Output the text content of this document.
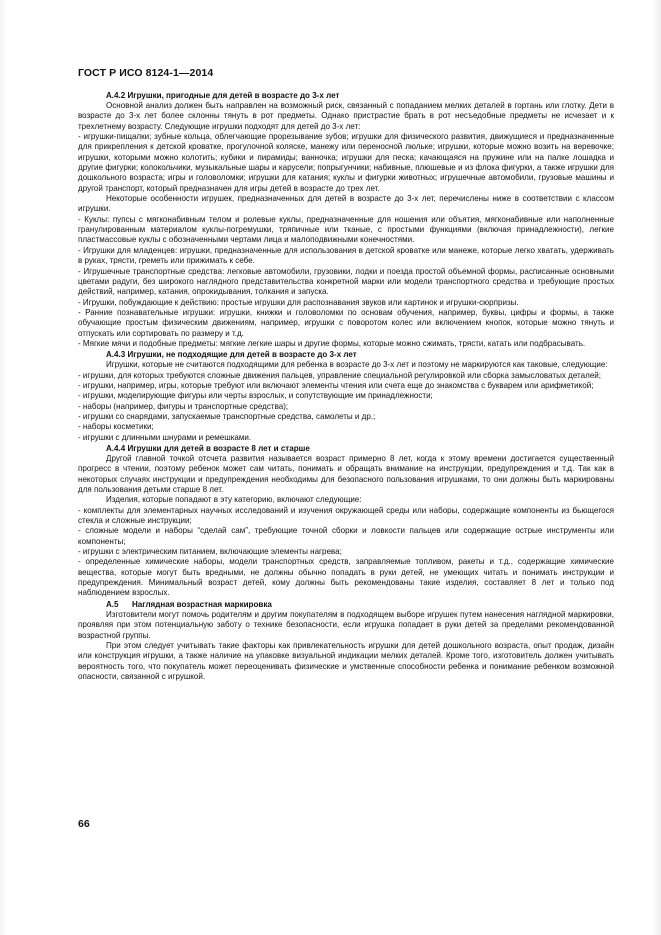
ГОСТ Р ИСО 8124-1—2014
А.4.2 Игрушки, пригодные для детей в возрасте до 3-х лет

Основной анализ должен быть направлен на возможный риск, связанный с попаданием мелких деталей в гортань или глотку. Дети в возрасте до 3-х лет более склонны тянуть в рот предметы. Однако пристрастие брать в рот несъедобные предметы не исчезает и к трехлетнему возрасту. Следующие игрушки подходят для детей до 3-х лет:

- игрушки-пищалки; зубные кольца, облегчающие прорезывание зубов; игрушки для физического развития, движущиеся и предназначенные для прикрепления к детской кроватке, прогулочной коляске, манежу или переносной люльке; игрушки, которые можно возить на веревочке; игрушки, которыми можно колотить; кубики и пирамиды; ванночка; игрушки для песка; качающаяся на пружине или на палке лошадка и другие фигурки; колокольчики, музыкальные шары и карусели; попрыгунчики; набивные, плюшевые и из флока фигурки, а также игрушки для дошкольного возраста; игры и головоломки; игрушки для катания; куклы и фигурки животных; игрушечные автомобили, грузовые машины и другой транспорт, который предназначен для игры детей в возрасте до трех лет.

Некоторые особенности игрушек, предназначенных для детей в возрасте до 3-х лет, перечислены ниже в соответствии с классом игрушки.

- Куклы: пупсы с мягконабивным телом и ролевые куклы, предназначенные для ношения или объятия, мягконабивные или наполненные гранулированным материалом куклы-погремушки, тряпичные или тканые, с простыми функциями (включая принадлежности), легкие пластмассовые куклы с обозначенными чертами лица и малоподвижными конечностями.

- Игрушки для младенцев: игрушки, предназначенные для использования в детской кроватке или манеже, которые легко хватать, удерживать в руках, трясти, греметь или прижимать к себе.

- Игрушечные транспортные средства: легковые автомобили, грузовики, лодки и поезда простой объемной формы, расписанные основными цветами радуги, без широкого наглядного представительства конкретной марки или модели транспортного средства и требующие простых действий, например, катания, опрокидывания, толкания и запуска.

- Игрушки, побуждающие к действию: простые игрушки для распознавания звуков или картинок и игрушки-сюрпризы.

- Ранние познавательные игрушки: игрушки, книжки и головоломки по основам обучения, например, буквы, цифры и формы, а также обучающие простым физическим движениям, например, игрушки с поворотом колес или включением кнопок, которые можно тянуть и отпускать или сортировать по размеру и т.д.

- Мягкие мячи и подобные предметы: мягкие легкие шары и другие формы, которые можно сжимать, трясти, катать или подбрасывать.

А.4.3 Игрушки, не подходящие для детей в возрасте до 3-х лет

Игрушки, которые не считаются подходящими для ребенка в возрасте до 3-х лет и поэтому не маркируются как таковые, следующие:

- игрушки, для которых требуются сложные движения пальцев, управление специальной регулировкой или сборка замысловатых деталей;

- игрушки, например, игры, которые требуют или включают элементы чтения или счета еще до знакомства с букварем или арифметикой;

- игрушки, моделирующие фигуры или черты взрослых, и сопутствующие им принадлежности;

- наборы (например, фигуры и транспортные средства);

- игрушки со снарядами, запускаемые транспортные средства, самолеты и др.;

- наборы косметики;

- игрушки с длинными шнурами и ремешками.

А.4.4 Игрушки для детей в возрасте 8 лет и старше

Другой главной точкой отсчета развития называется возраст примерно 8 лет, когда к этому времени достигается существенный прогресс в чтении, поэтому ребенок может сам читать, понимать и обращать внимание на инструкции, предупреждения и т.д. Так как в некоторых случаях инструкции и предупреждения необходимы для безопасного пользования игрушками, то они должны быть маркированы для пользования детьми старше 8 лет.

Изделия, которые попадают в эту категорию, включают следующие:

- комплекты для элементарных научных исследований и изучения окружающей среды или наборы, содержащие компоненты из бьющегося стекла и сложные инструкции;

- сложные модели и наборы “сделай сам”, требующие точной сборки и ловкости пальцев или содержащие острые инструменты или компоненты;

- игрушки с электрическим питанием, включающие элементы нагрева;

- определенные химические наборы, модели транспортных средств, заправляемые топливом, ракеты и т.д., содержащие химические вещества, которые могут быть вредными, не должны обычно попадать в руки детей, не умеющих читать и понимать инструкции и предупреждения. Минимальный возраст детей, кому должны быть рекомендованы такие изделия, составляет 8 лет и только под наблюдением взрослых.

А.5 Наглядная возрастная маркировка

Изготовители могут помочь родителям и другим покупателям в подходящем выборе игрушек путем нанесения наглядной маркировки, проявляя при этом потенциальную заботу о технике безопасности, если игрушка попадает в руки детей за пределами рекомендованной возрастной группы.

При этом следует учитывать такие факторы как привлекательность игрушки для детей дошкольного возраста, опыт продаж, дизайн или конструкция игрушки, а также наличие на упаковке визуальной индикации мелких деталей. Кроме того, изготовитель должен учитывать вероятность того, что покупатель может переоценивать физические и умственные способности ребенка и понимание ребенком возможной опасности, связанной с игрушкой.

66
